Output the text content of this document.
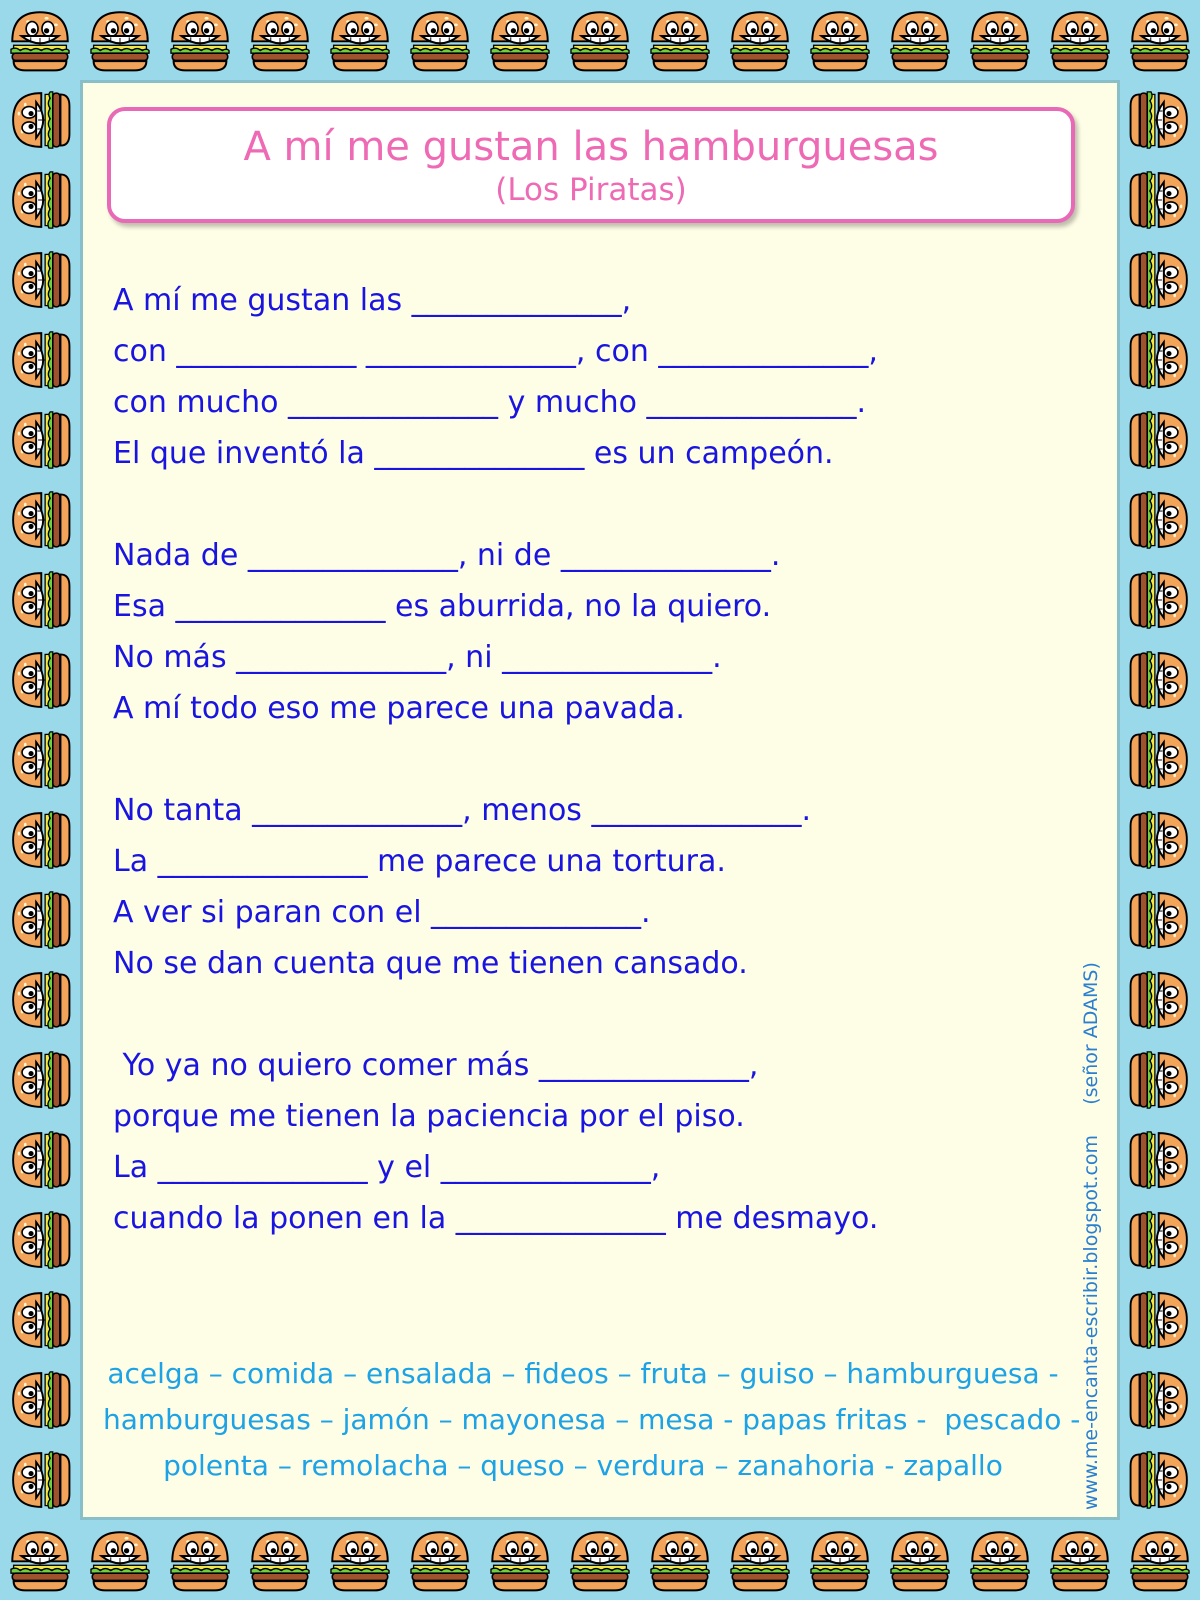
A mí me gustan las hamburguesas
(Los Piratas)
A mí me gustan las ______________,
con ____________ ______________, con ______________,
con mucho ______________ y mucho ______________.
El que inventó la ______________ es un campeón.
Nada de ______________, ni de ______________.
Esa ______________ es aburrida, no la quiero.
No más ______________, ni ______________.
A mí todo eso me parece una pavada.
No tanta ______________, menos ______________.
La ______________ me parece una tortura.
A ver si paran con el ______________.
No se dan cuenta que me tienen cansado.
Yo ya no quiero comer más ______________,
porque me tienen la paciencia por el piso.
La ______________ y el ______________,
cuando la ponen en la ______________ me desmayo.
acelga – comida – ensalada – fideos – fruta – guiso – hamburguesa -
hamburguesas – jamón – mayonesa – mesa - papas fritas -  pescado -
polenta – remolacha – queso – verdura – zanahoria - zapallo	www.me-encanta-escribir.blogspot.com     (señor ADAMS)
